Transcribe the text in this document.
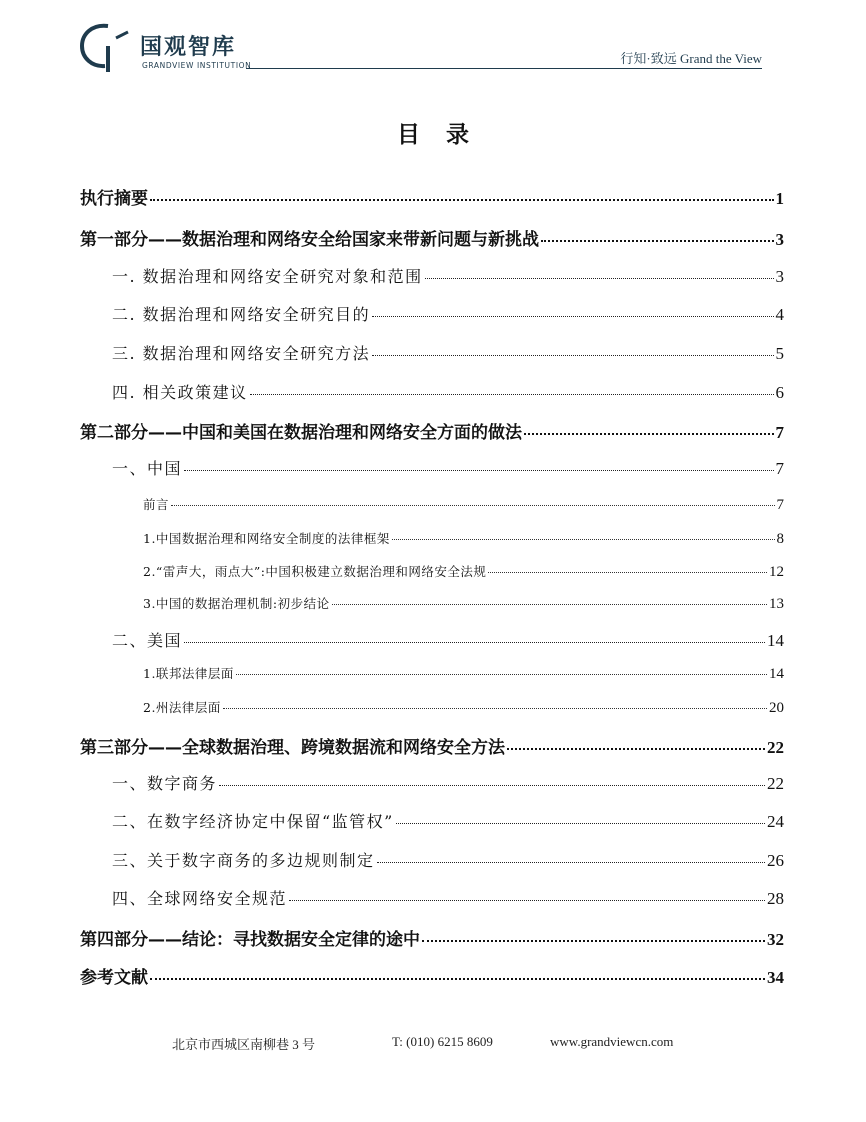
国观智库
GRANDVIEW INSTITUTION	行知·致远 Grand the View
目录
执行摘要	1
第一部分——数据治理和网络安全给国家来带新问题与新挑战	3
一. 数据治理和网络安全研究对象和范围	3
二. 数据治理和网络安全研究目的	4
三. 数据治理和网络安全研究方法	5
四. 相关政策建议	6
第二部分——中国和美国在数据治理和网络安全方面的做法	7
一、中国	7
前言	7
1.中国数据治理和网络安全制度的法律框架	8
2.“雷声大，雨点大”:中国积极建立数据治理和网络安全法规	12
3.中国的数据治理机制:初步结论	13
二、美国	14
1.联邦法律层面	14
2.州法律层面	20
第三部分——全球数据治理、跨境数据流和网络安全方法	22
一、数字商务	22
二、在数字经济协定中保留“监管权”	24
三、关于数字商务的多边规则制定	26
四、全球网络安全规范	28
第四部分——结论：寻找数据安全定律的途中	32
参考文献	34
北京市西城区南柳巷 3 号	T: (010) 6215 8609	www.grandviewcn.com
